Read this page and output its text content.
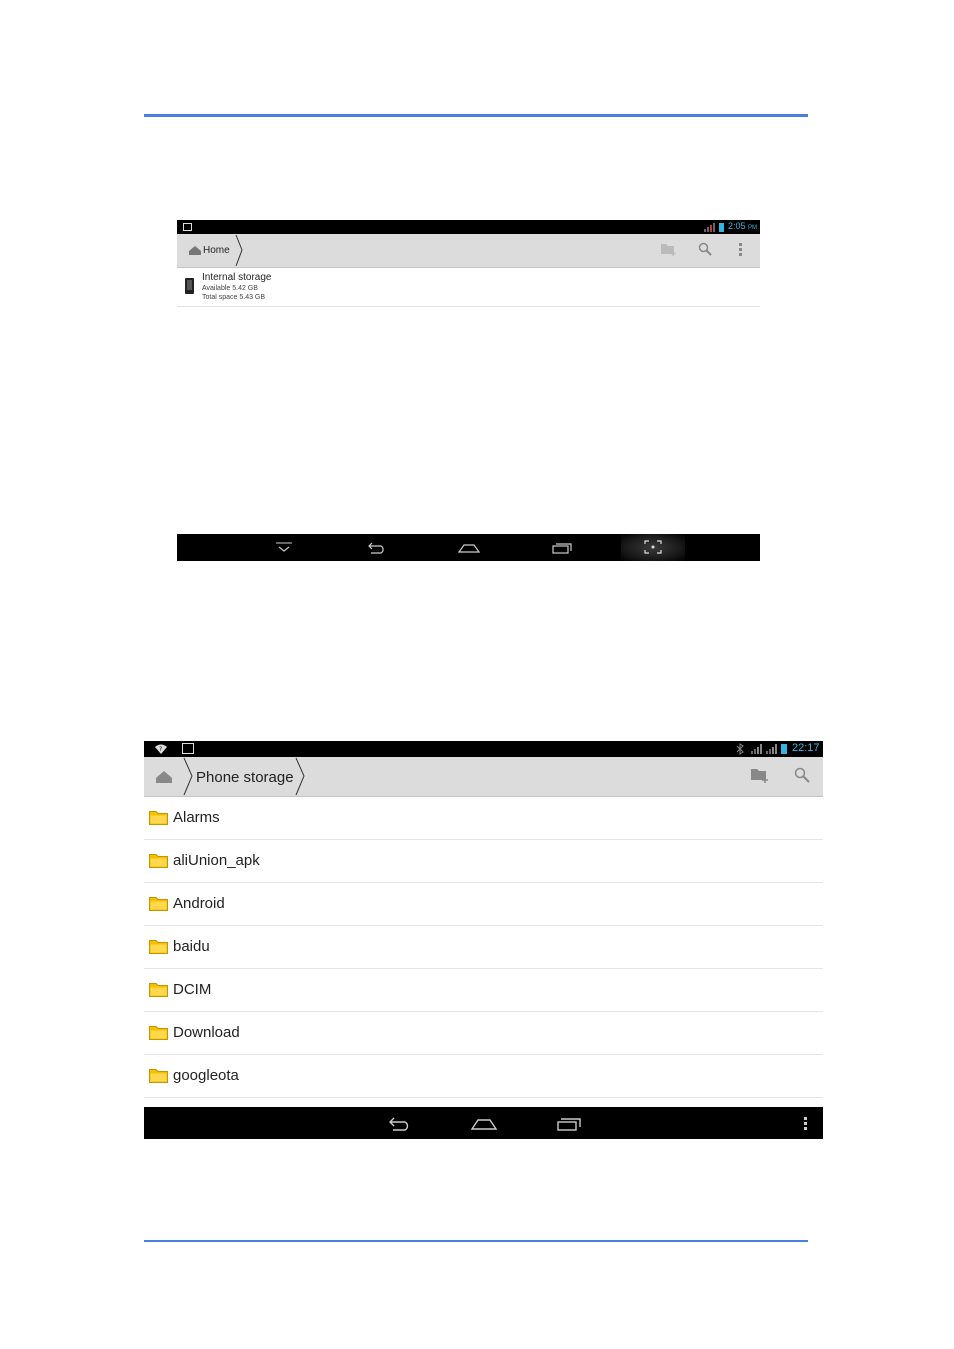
2:05 PM
Home
Internal storage
Available 5.42 GB
Total space 5.43 GB
?	22:17
Phone storage
Alarms
aliUnion_apk
Android
baidu
DCIM
Download
googleota
